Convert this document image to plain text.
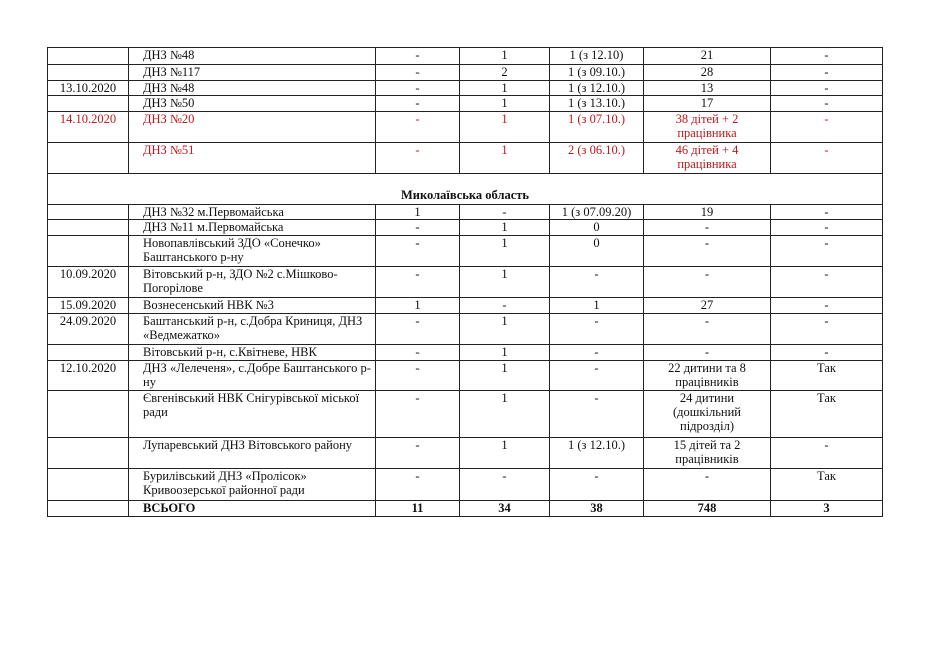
	ДНЗ №48	-	1	1 (з 12.10)	21	-
	ДНЗ №117	-	2	1 (з 09.10.)	28	-
13.10.2020	ДНЗ №48	-	1	1 (з 12.10.)	13	-
	ДНЗ №50	-	1	1 (з 13.10.)	17	-
14.10.2020	ДНЗ №20	-	1	1 (з 07.10.)	38 дітей + 2 працівника	-
	ДНЗ №51	-	1	2 (з 06.10.)	46 дітей + 4 працівника	-
Миколаївська область						
	ДНЗ №32 м.Первомайська	1	-	1 (з 07.09.20)	19	-
	ДНЗ №11 м.Первомайська	-	1	0	-	-
	Новопавлівський ЗДО «Сонечко» Баштанського р-ну	-	1	0	-	-
10.09.2020	Вітовський р-н, ЗДО №2 с.Мішково-Погорілове	-	1	-	-	-
15.09.2020	Вознесенський НВК №3	1	-	1	27	-
24.09.2020	Баштанський р-н, с.Добра Криниця, ДНЗ «Ведмежатко»	-	1	-	-	-
	Вітовський р-н, с.Квітневе, НВК	-	1	-	-	-
12.10.2020	ДНЗ «Лелеченя», с.Добре Баштанського р-ну	-	1	-	22 дитини та 8 працівників	Так
	Євгенівський НВК Снігурівської міської ради	-	1	-	24 дитини (дошкільний підрозділ)	Так
	Лупаревський ДНЗ Вітовського району	-	1	1 (з 12.10.)	15 дітей та 2 працівників	-
	Бурилівський ДНЗ «Пролісок» Кривоозерської районної ради	-	-	-	-	Так
	ВСЬОГО	11	34	38	748	3
